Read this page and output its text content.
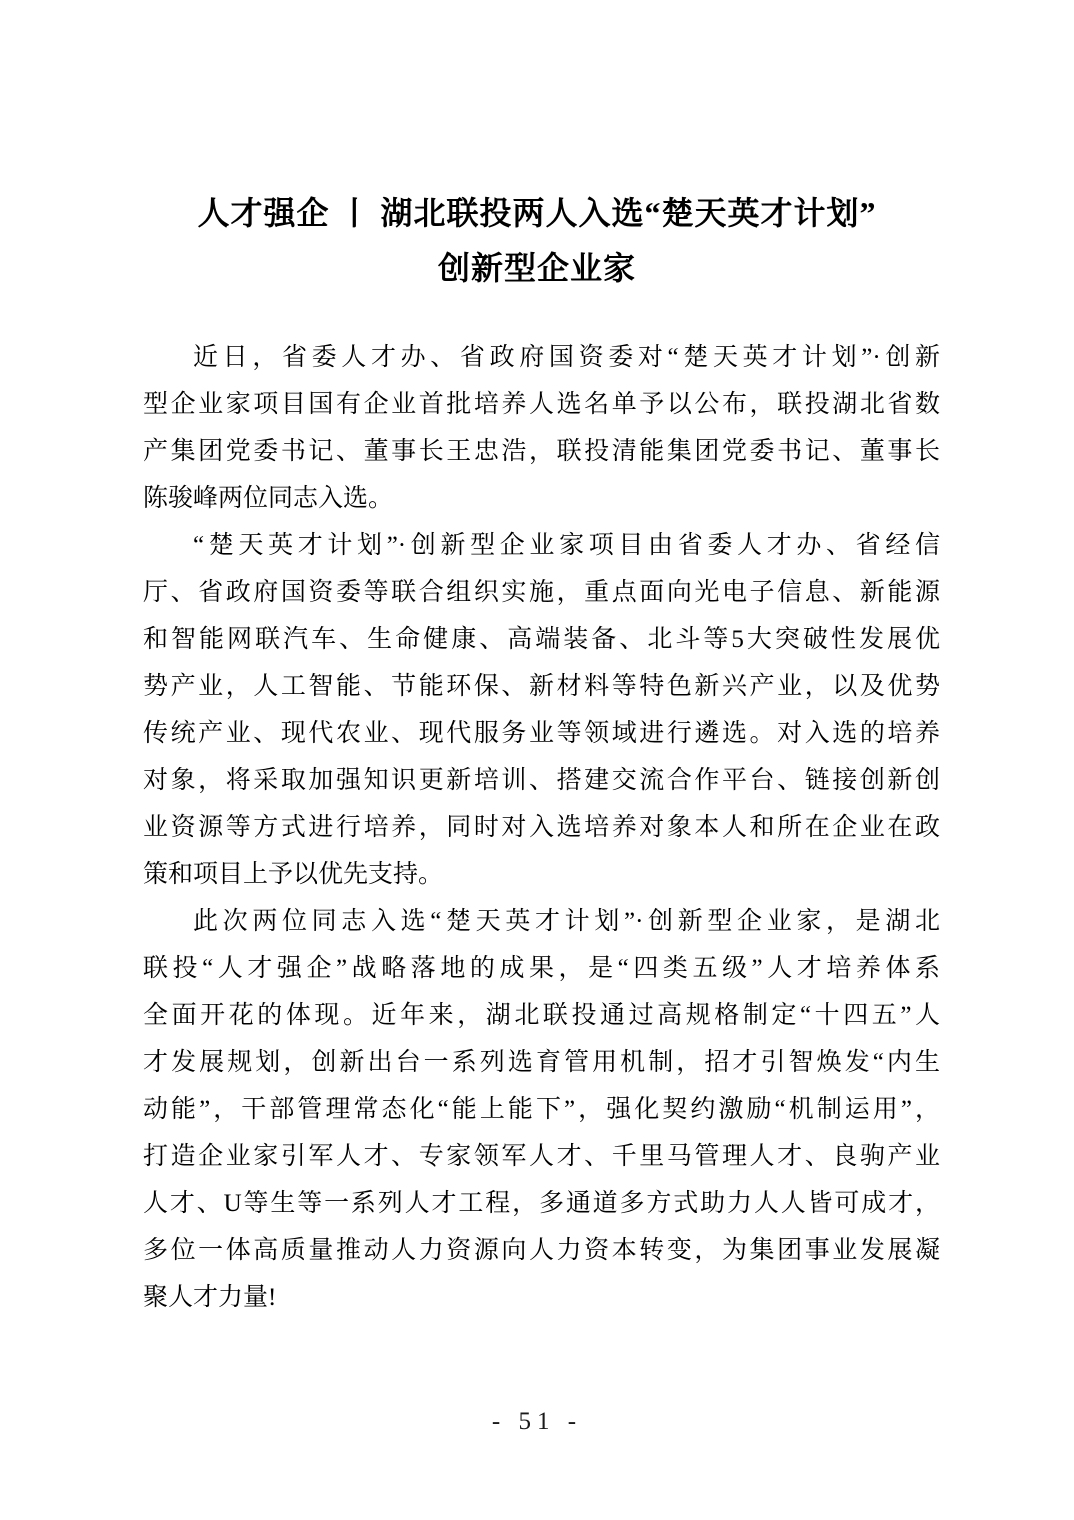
人才强企 丨 湖北联投两人入选“楚天英才计划”
创新型企业家
近日，省委人才办、省政府国资委对“楚天英才计划”·创新
型企业家项目国有企业首批培养人选名单予以公布，联投湖北省数
产集团党委书记、董事长王忠浩，联投清能集团党委书记、董事长
陈骏峰两位同志入选。
“楚天英才计划”·创新型企业家项目由省委人才办、省经信
厅、省政府国资委等联合组织实施，重点面向光电子信息、新能源
和智能网联汽车、生命健康、高端装备、北斗等5大突破性发展优
势产业，人工智能、节能环保、新材料等特色新兴产业，以及优势
传统产业、现代农业、现代服务业等领域进行遴选。对入选的培养
对象，将采取加强知识更新培训、搭建交流合作平台、链接创新创
业资源等方式进行培养，同时对入选培养对象本人和所在企业在政
策和项目上予以优先支持。
此次两位同志入选“楚天英才计划”·创新型企业家，是湖北
联投“人才强企”战略落地的成果，是“四类五级”人才培养体系
全面开花的体现。近年来，湖北联投通过高规格制定“十四五”人
才发展规划，创新出台一系列选育管用机制，招才引智焕发“内生
动能”，干部管理常态化“能上能下”，强化契约激励“机制运用”，
打造企业家引军人才、专家领军人才、千里马管理人才、良驹产业
人才、U等生等一系列人才工程，多通道多方式助力人人皆可成才，
多位一体高质量推动人力资源向人力资本转变，为集团事业发展凝
聚人才力量!
- 51 -
